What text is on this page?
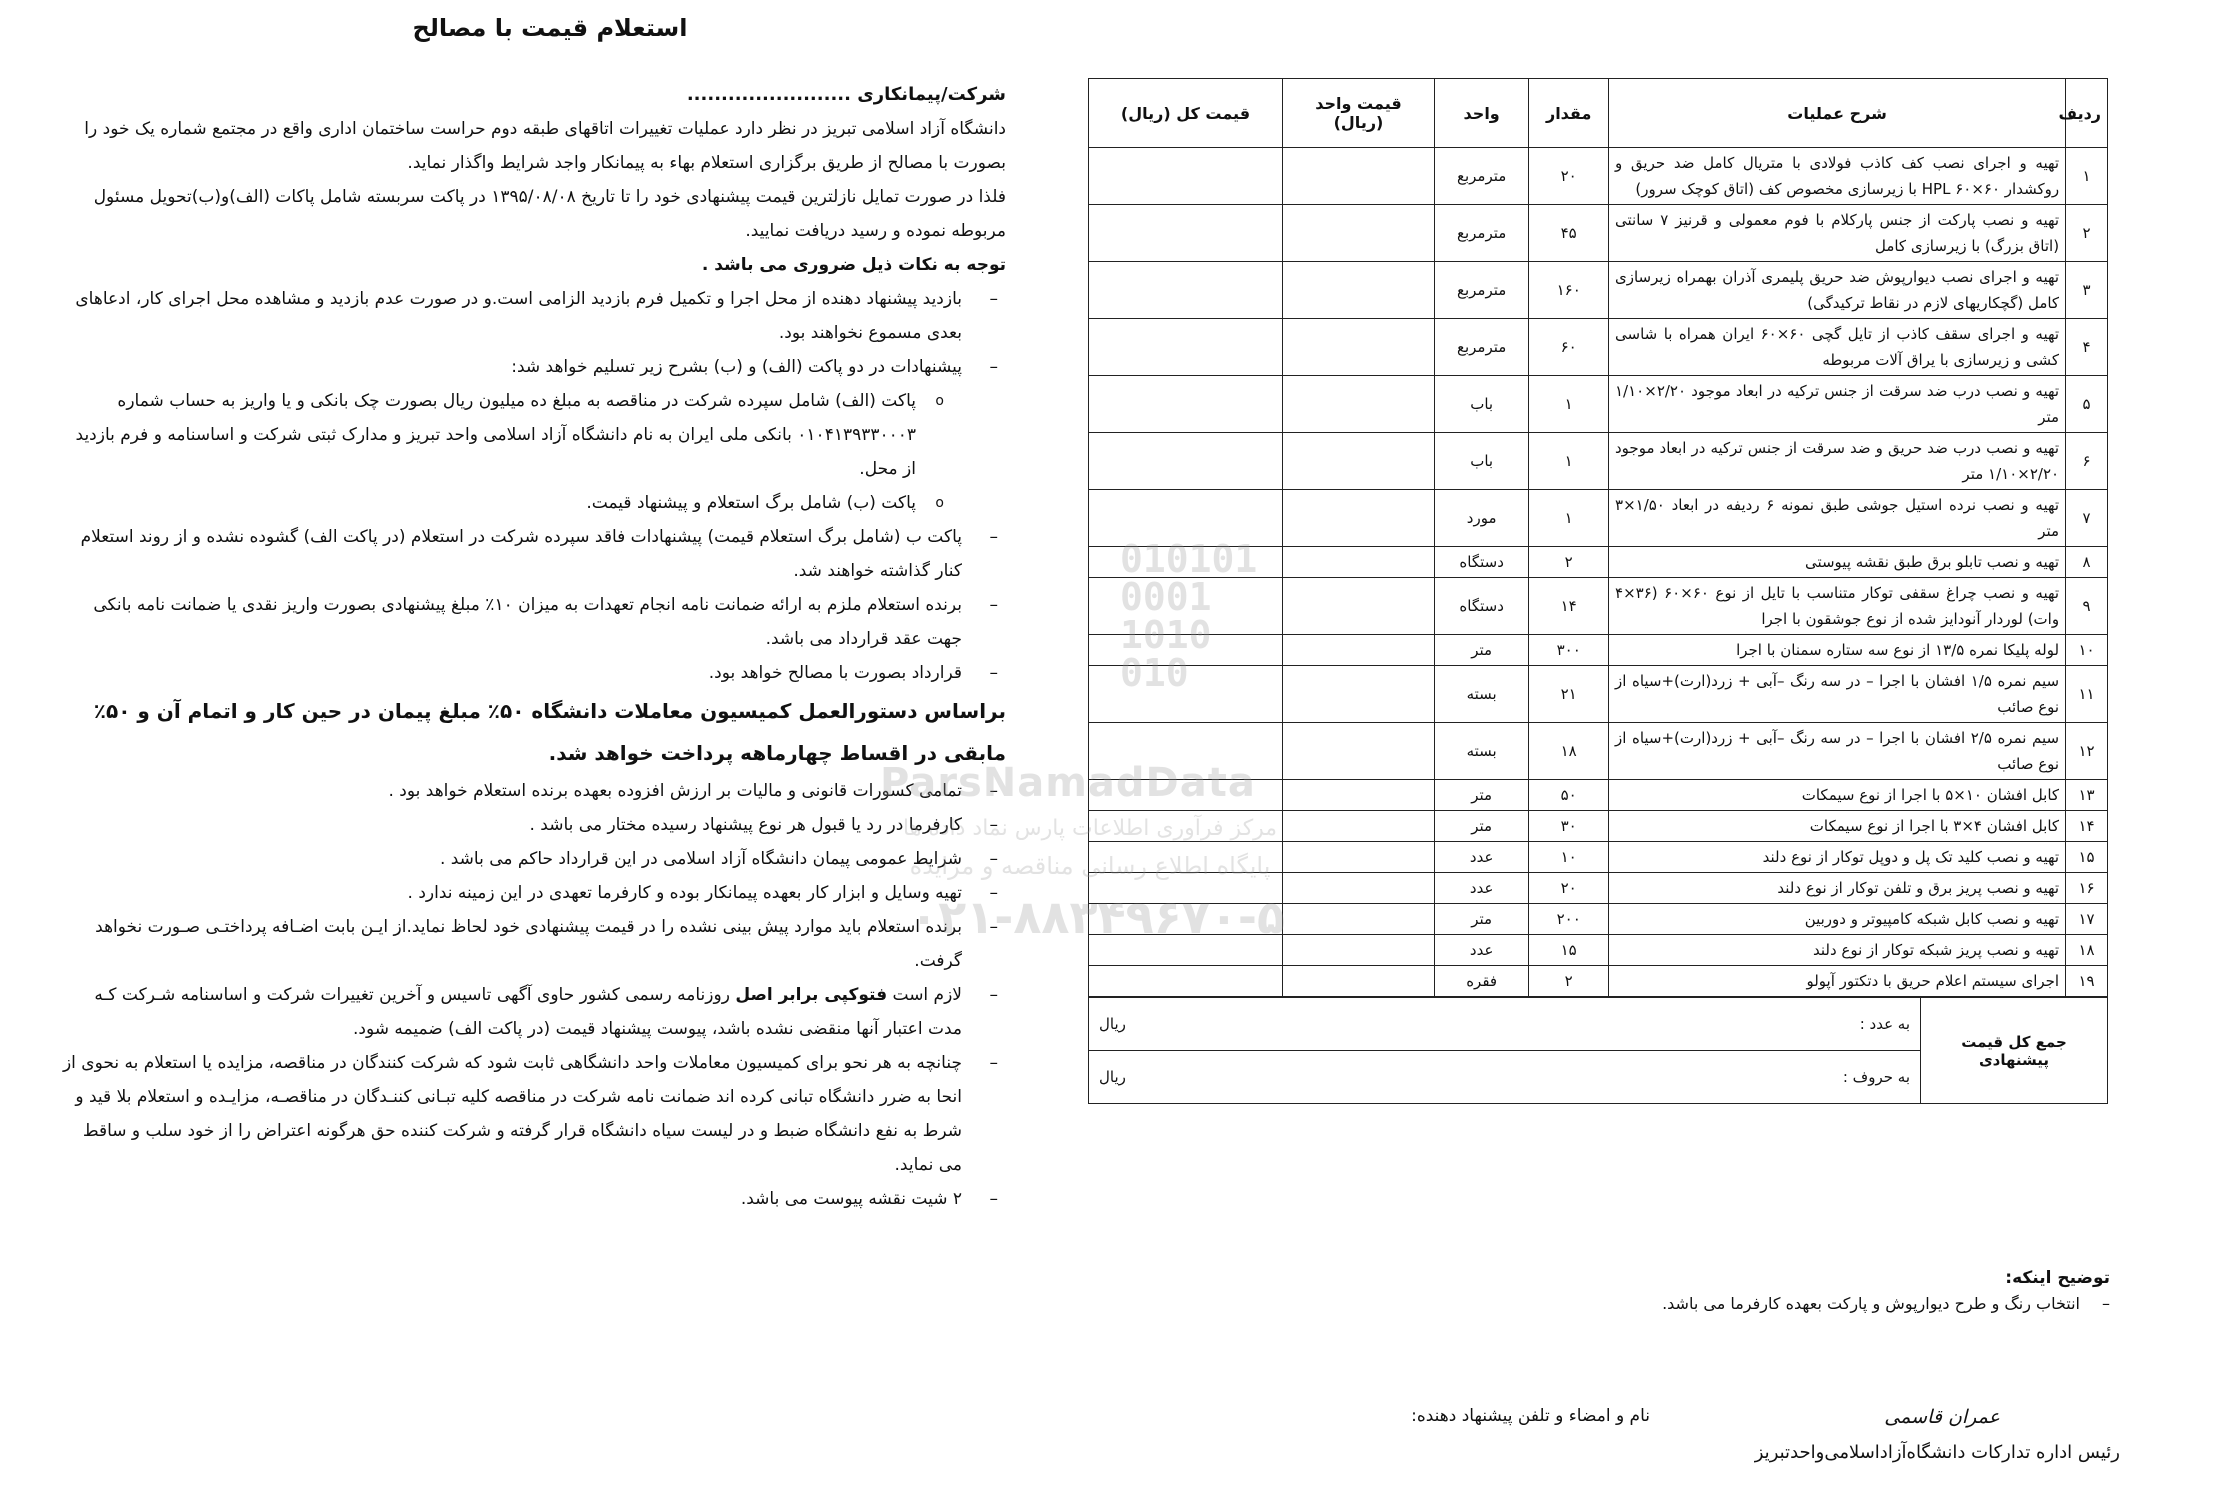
استعلام قیمت با مصالح

شرکت/پیمانکاری ........................

دانشگاه آزاد اسلامی تبریز در نظر دارد عملیات تغییرات اتاقهای طبقه دوم حراست ساختمان اداری واقع در مجتمع شماره یک خود را بصورت با مصالح از طریق برگزاری استعلام بهاء به پیمانکار واجد شرایط واگذار نماید.

فلذا در صورت تمایل نازلترین قیمت پیشنهادی خود را تا تاریخ ۱۳۹۵/۰۸/۰۸ در پاکت سربسته شامل پاکات (الف)و(ب)تحویل مسئول مربوطه نموده و رسید دریافت نمایید.

توجه به نکات ذیل ضروری می باشد .

– بازدید پیشنهاد دهنده از محل اجرا و تکمیل فرم بازدید الزامی است.و در صورت عدم بازدید و مشاهده محل اجرای کار، ادعاهای بعدی مسموع نخواهند بود.

– پیشنهادات در دو پاکت (الف) و (ب) بشرح زیر تسلیم خواهد شد:

o پاکت (الف) شامل سپرده شرکت در مناقصه به مبلغ ده میلیون ریال بصورت چک بانکی و یا واریز به حساب شماره ۰۱۰۴۱۳۹۳۳۰۰۰۳ بانکی ملی ایران به نام دانشگاه آزاد اسلامی واحد تبریز و مدارک ثبتی شرکت و اساسنامه و فرم بازدید از محل.

o پاکت (ب) شامل برگ استعلام و پیشنهاد قیمت.

– پاکت ب (شامل برگ استعلام قیمت) پیشنهادات فاقد سپرده شرکت در استعلام (در پاکت الف) گشوده نشده و از روند استعلام کنار گذاشته خواهند شد.

– برنده استعلام ملزم به ارائه ضمانت نامه انجام تعهدات به میزان ۱۰٪ مبلغ پیشنهادی بصورت واریز نقدی یا ضمانت نامه بانکی جهت عقد قرارداد می باشد.

– قرارداد بصورت با مصالح خواهد بود.

براساس دستورالعمل کمیسیون معاملات دانشگاه ۵۰٪ مبلغ پیمان در حین کار و اتمام آن و ۵۰٪ مابقی در اقساط چهارماهه پرداخت خواهد شد.

– تمامی کسورات قانونی و مالیات بر ارزش افزوده بعهده برنده استعلام خواهد بود .

– کارفرما در رد یا قبول هر نوع پیشنهاد رسیده مختار می باشد .

– شرایط عمومی پیمان دانشگاه آزاد اسلامی در این قرارداد حاکم می باشد .

– تهیه وسایل و ابزار کار بعهده پیمانکار بوده و کارفرما تعهدی در این زمینه ندارد .

– برنده استعلام باید موارد پیش بینی نشده را در قیمت پیشنهادی خود لحاظ نماید.از ایـن بابت اضـافه پرداختـی صـورت نخواهد گرفت.

– لازم است فتوکپی برابر اصل روزنامه رسمی کشور حاوی آگهی تاسیس و آخرین تغییرات شرکت و اساسنامه شـرکت کـه مدت اعتبار آنها منقضی نشده باشد، پیوست پیشنهاد قیمت (در پاکت الف) ضمیمه شود.

– چنانچه به هر نحو برای کمیسیون معاملات واحد دانشگاهی ثابت شود که شرکت کنندگان در مناقصه، مزایده یا استعلام به نحوی از انحا به ضرر دانشگاه تبانی کرده اند ضمانت نامه شرکت در مناقصه کلیه تبـانی کننـدگان در مناقصـه، مزایـده و استعلام بلا قید و شرط به نفع دانشگاه ضبط و در لیست سیاه دانشگاه قرار گرفته و شرکت کننده حق هرگونه اعتراض را از خود سلب و ساقط می نماید.

– ۲ شیت نقشه پیوست می باشد.

ردیف	شرح عملیات	مقدار	واحد	قیمت واحد (ریال)	قیمت کل (ریال)
۱	تهیه و اجرای نصب کف کاذب فولادی با متریال کامل ضد حریق و روکشدار HPL ۶۰×۶۰ با زیرسازی مخصوص کف (اتاق کوچک سرور)	۲۰	مترمربع		
۲	تهیه و نصب پارکت از جنس پارکلام با فوم معمولی و قرنیز ۷ سانتی (اتاق بزرگ) با زیرسازی کامل	۴۵	مترمربع		
۳	تهیه و اجرای نصب دیوارپوش ضد حریق پلیمری آذران بهمراه زیرسازی کامل (گچکاریهای لازم در نقاط ترکیدگی)	۱۶۰	مترمربع		
۴	تهیه و اجرای سقف کاذب از تایل گچی ۶۰×۶۰ ایران همراه با شاسی کشی و زیرسازی با یراق آلات مربوطه	۶۰	مترمربع		
۵	تهیه و نصب درب ضد سرقت از جنس ترکیه در ابعاد موجود ۲/۲۰×۱/۱۰ متر	۱	باب		
۶	تهیه و نصب درب ضد حریق و ضد سرقت از جنس ترکیه در ابعاد موجود ۲/۲۰×۱/۱۰ متر	۱	باب		
۷	تهیه و نصب نرده استیل جوشی طبق نمونه ۶ ردیفه در ابعاد ۱/۵۰×۳ متر	۱	مورد		
۸	تهیه و نصب تابلو برق طبق نقشه پیوستی	۲	دستگاه		
۹	تهیه و نصب چراغ سقفی توکار متناسب با تایل از نوع ۶۰×۶۰ (۳۶×۴ وات) لوردار آنودایز شده از نوع جوشقون با اجرا	۱۴	دستگاه		
۱۰	لوله پلیکا نمره ۱۳/۵ از نوع سه ستاره سمنان با اجرا	۳۰۰	متر		
۱۱	سیم نمره ۱/۵ افشان با اجرا – در سه رنگ –آبی + زرد(ارت)+سیاه از نوع صائب	۲۱	بسته		
۱۲	سیم نمره ۲/۵ افشان با اجرا – در سه رنگ –آبی + زرد(ارت)+سیاه از نوع صائب	۱۸	بسته		
۱۳	کابل افشان ۱۰×۵ با اجرا از نوع سیمکات	۵۰	متر		
۱۴	کابل افشان ۴×۳ با اجرا از نوع سیمکات	۳۰	متر		
۱۵	تهیه و نصب کلید تک پل و دوپل توکار از نوع دلند	۱۰	عدد		
۱۶	تهیه و نصب پریز برق و تلفن توکار از نوع دلند	۲۰	عدد		
۱۷	تهیه و نصب کابل شبکه کامپیوتر و دوربین	۲۰۰	متر		
۱۸	تهیه و نصب پریز شبکه توکار از نوع دلند	۱۵	عدد		
۱۹	اجرای سیستم اعلام حریق با دتکتور آپولو	۲	فقره		
جمع کل قیمت پیشنهادی	
به عدد :
ریال

به حروف :
ریال
توضیح اینکه:
–انتخاب رنگ و طرح دیوارپوش و پارکت بعهده کارفرما می باشد.
عمران قاسمی
رئیس اداره تدارکات دانشگاه‌آزاداسلامی‌واحدتبریز
نام و امضاء و تلفن پیشنهاد دهنده:
010101
0001
1010
010
ParsNamadData
مرکز فرآوری اطلاعات پارس نماد داده ها
پایگاه اطلاع رسانی مناقصه و مزایده
۰۲۱-۸۸۳۴۹۶۷۰-۵
